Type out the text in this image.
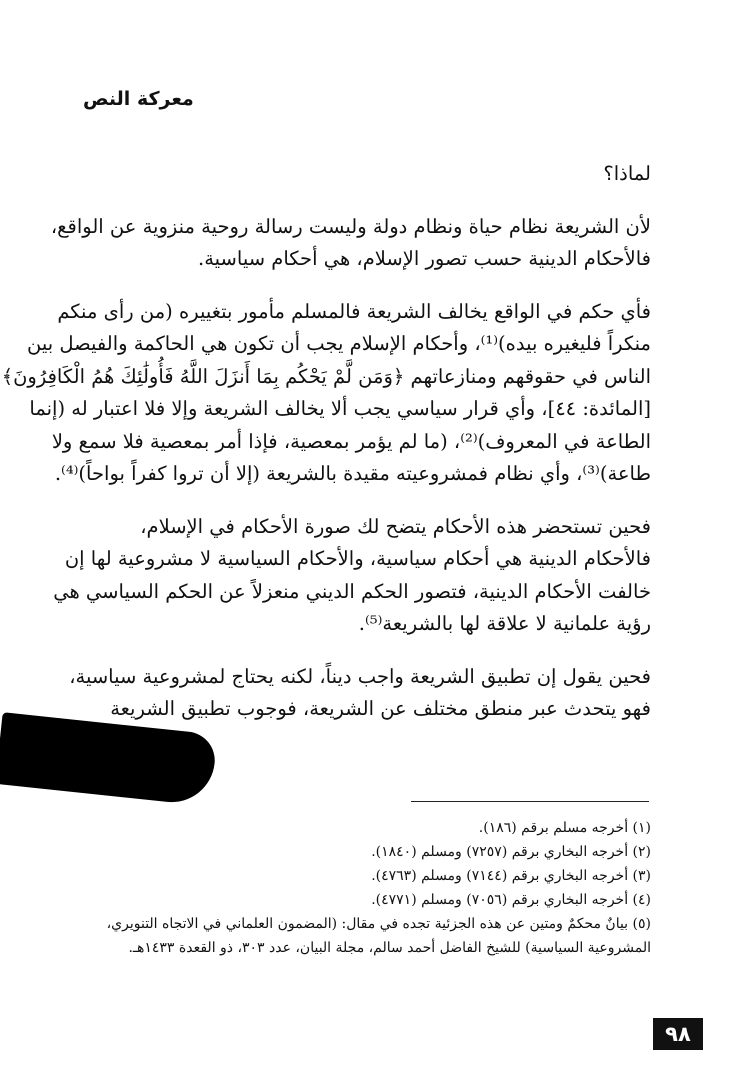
معركة النص
لماذا؟
لأن الشريعة نظام حياة ونظام دولة وليست رسالة روحية منزوية عن الواقع،
فالأحكام الدينية حسب تصور الإسلام، هي أحكام سياسية.
فأي حكم في الواقع يخالف الشريعة فالمسلم مأمور بتغييره (من رأى منكم
منكراً فليغيره بيده)⁽¹⁾، وأحكام الإسلام يجب أن تكون هي الحاكمة والفيصل بين
الناس في حقوقهم ومنازعاتهم ﴿وَمَن لَّمْ يَحْكُم بِمَا أَنزَلَ اللَّهُ فَأُولَٰئِكَ هُمُ الْكَافِرُونَ﴾
[المائدة: ٤٤]، وأي قرار سياسي يجب ألا يخالف الشريعة وإلا فلا اعتبار له (إنما
الطاعة في المعروف)⁽²⁾، (ما لم يؤمر بمعصية، فإذا أمر بمعصية فلا سمع ولا
طاعة)⁽³⁾، وأي نظام فمشروعيته مقيدة بالشريعة (إلا أن تروا كفراً بواحاً)⁽⁴⁾.
فحين تستحضر هذه الأحكام يتضح لك صورة الأحكام في الإسلام،
فالأحكام الدينية هي أحكام سياسية، والأحكام السياسية لا مشروعية لها إن
خالفت الأحكام الدينية، فتصور الحكم الديني منعزلاً عن الحكم السياسي هي
رؤية علمانية لا علاقة لها بالشريعة⁽⁵⁾.
فحين يقول إن تطبيق الشريعة واجب ديناً، لكنه يحتاج لمشروعية سياسية،
فهو يتحدث عبر منطق مختلف عن الشريعة، فوجوب تطبيق الشريعة
(١) أخرجه مسلم برقم (١٨٦).
(٢) أخرجه البخاري برقم (٧٢٥٧) ومسلم (١٨٤٠).
(٣) أخرجه البخاري برقم (٧١٤٤) ومسلم (٤٧٦٣).
(٤) أخرجه البخاري برقم (٧٠٥٦) ومسلم (٤٧٧١).
(٥) بيانٌ محكمٌ ومتين عن هذه الجزئية تجده في مقال: (المضمون العلماني في الاتجاه التنويري،
المشروعية السياسية) للشيخ الفاضل أحمد سالم، مجلة البيان، عدد ٣٠٣، ذو القعدة ١٤٣٣هـ.
٩٨
